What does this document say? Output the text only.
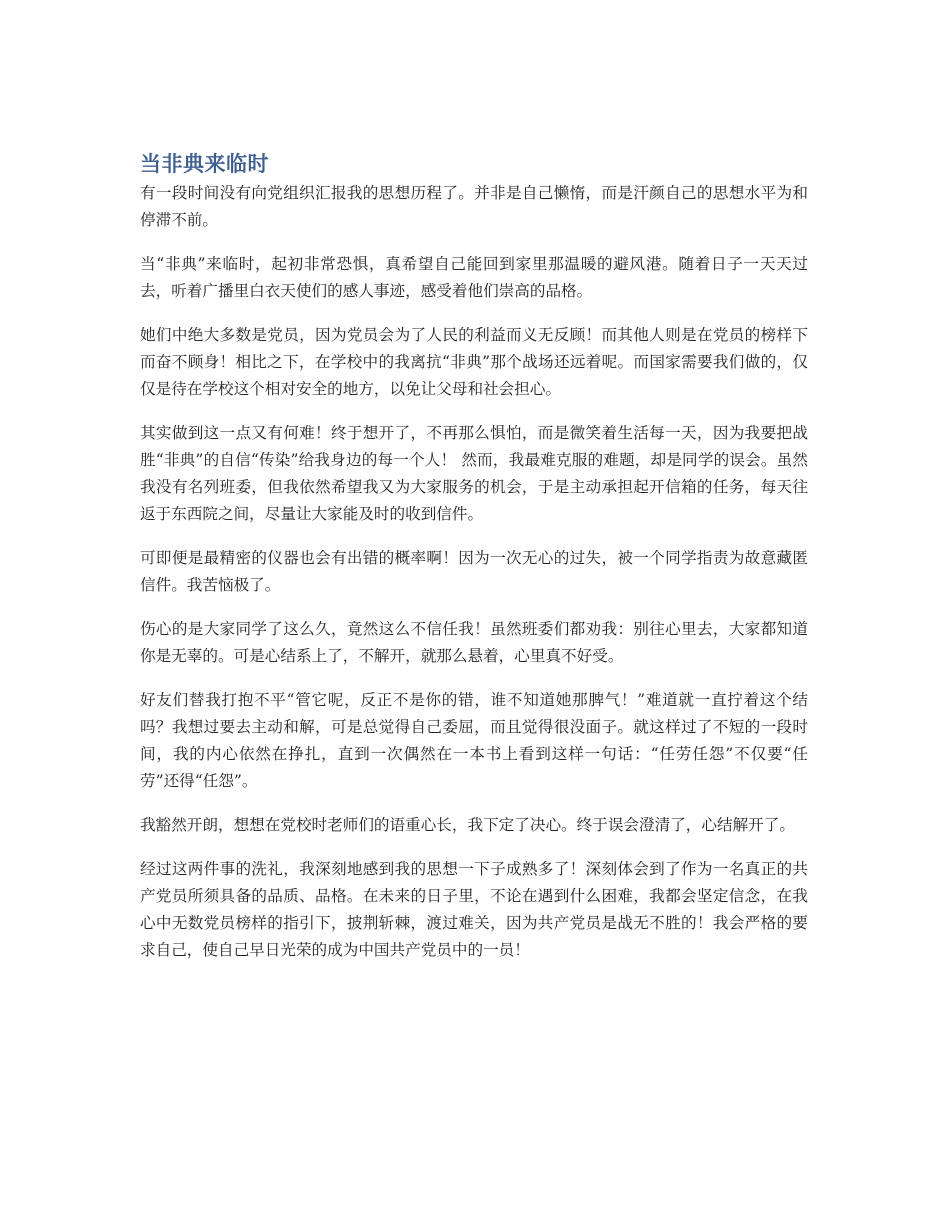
当非典来临时

有一段时间没有向党组织汇报我的思想历程了。并非是自己懒惰，而是汗颜自己的思想水平为和停滞不前。

当“非典”来临时，起初非常恐惧，真希望自己能回到家里那温暖的避风港。随着日子一天天过去，听着广播里白衣天使们的感人事迹，感受着他们崇高的品格。

她们中绝大多数是党员，因为党员会为了人民的利益而义无反顾！而其他人则是在党员的榜样下而奋不顾身！相比之下，在学校中的我离抗“非典”那个战场还远着呢。而国家需要我们做的，仅仅是待在学校这个相对安全的地方，以免让父母和社会担心。

其实做到这一点又有何难！终于想开了，不再那么惧怕，而是微笑着生活每一天，因为我要把战胜“非典”的自信“传染”给我身边的每一个人！ 然而，我最难克服的难题，却是同学的误会。虽然我没有名列班委，但我依然希望我又为大家服务的机会，于是主动承担起开信箱的任务，每天往返于东西院之间，尽量让大家能及时的收到信件。

可即便是最精密的仪器也会有出错的概率啊！因为一次无心的过失，被一个同学指责为故意藏匿信件。我苦恼极了。

伤心的是大家同学了这么久，竟然这么不信任我！虽然班委们都劝我：别往心里去，大家都知道你是无辜的。可是心结系上了，不解开，就那么悬着，心里真不好受。

好友们替我打抱不平“管它呢，反正不是你的错，谁不知道她那脾气！”难道就一直拧着这个结吗？我想过要去主动和解，可是总觉得自己委屈，而且觉得很没面子。就这样过了不短的一段时间，我的内心依然在挣扎，直到一次偶然在一本书上看到这样一句话：“任劳任怨”不仅要“任劳”还得“任怨”。

我豁然开朗，想想在党校时老师们的语重心长，我下定了决心。终于误会澄清了，心结解开了。

经过这两件事的洗礼，我深刻地感到我的思想一下子成熟多了！深刻体会到了作为一名真正的共产党员所须具备的品质、品格。在未来的日子里，不论在遇到什么困难，我都会坚定信念，在我心中无数党员榜样的指引下，披荆斩棘，渡过难关，因为共产党员是战无不胜的！我会严格的要求自己，使自己早日光荣的成为中国共产党员中的一员！
